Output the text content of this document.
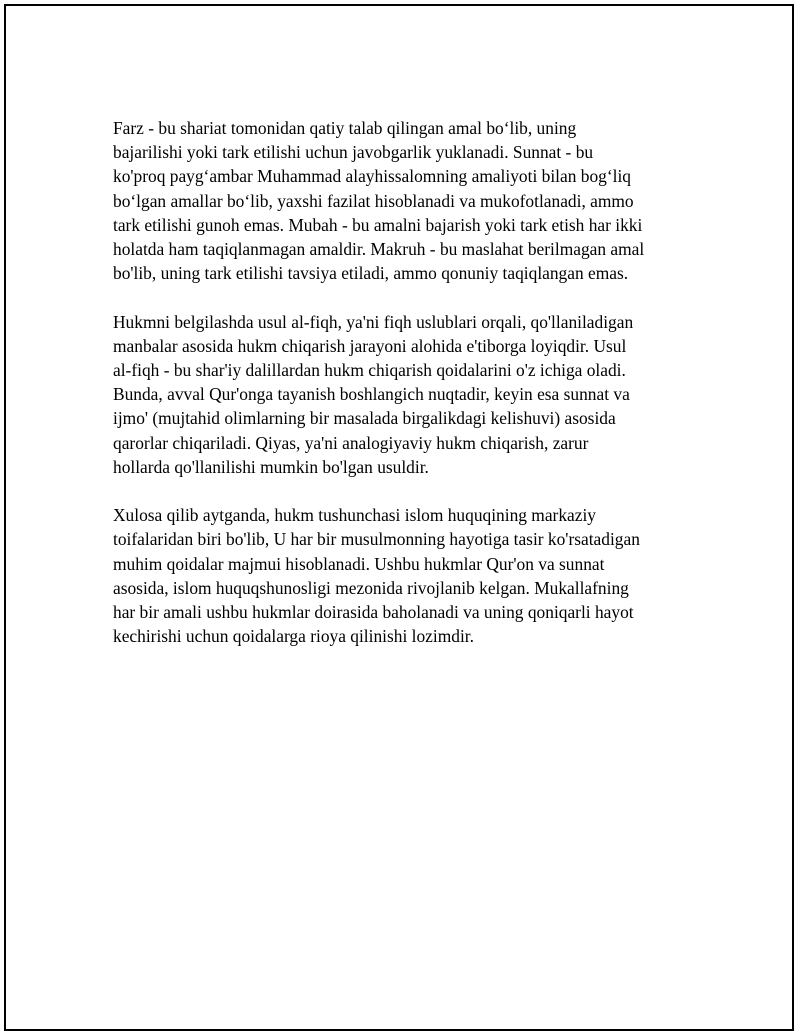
Farz - bu shariat tomonidan qatiy talab qilingan amal bo‘lib, uning
bajarilishi yoki tark etilishi uchun javobgarlik yuklanadi. Sunnat - bu
ko'proq payg‘ambar Muhammad alayhissalomning amaliyoti bilan bog‘liq
bo‘lgan amallar bo‘lib, yaxshi fazilat hisoblanadi va mukofotlanadi, ammo
tark etilishi gunoh emas. Mubah - bu amalni bajarish yoki tark etish har ikki
holatda ham taqiqlanmagan amaldir. Makruh - bu maslahat berilmagan amal
bo'lib, uning tark etilishi tavsiya etiladi, ammo qonuniy taqiqlangan emas.

Hukmni belgilashda usul al-fiqh, ya'ni fiqh uslublari orqali, qo'llaniladigan
manbalar asosida hukm chiqarish jarayoni alohida e'tiborga loyiqdir. Usul
al-fiqh - bu shar'iy dalillardan hukm chiqarish qoidalarini o'z ichiga oladi.
Bunda, avval Qur'onga tayanish boshlangich nuqtadir, keyin esa sunnat va
ijmo' (mujtahid olimlarning bir masalada birgalikdagi kelishuvi) asosida
qarorlar chiqariladi. Qiyas, ya'ni analogiyaviy hukm chiqarish, zarur
hollarda qo'llanilishi mumkin bo'lgan usuldir.

Xulosa qilib aytganda, hukm tushunchasi islom huquqining markaziy
toifalaridan biri bo'lib, U har bir musulmonning hayotiga tasir ko'rsatadigan
muhim qoidalar majmui hisoblanadi. Ushbu hukmlar Qur'on va sunnat
asosida, islom huquqshunosligi mezonida rivojlanib kelgan. Mukallafning
har bir amali ushbu hukmlar doirasida baholanadi va uning qoniqarli hayot
kechirishi uchun qoidalarga rioya qilinishi lozimdir.
